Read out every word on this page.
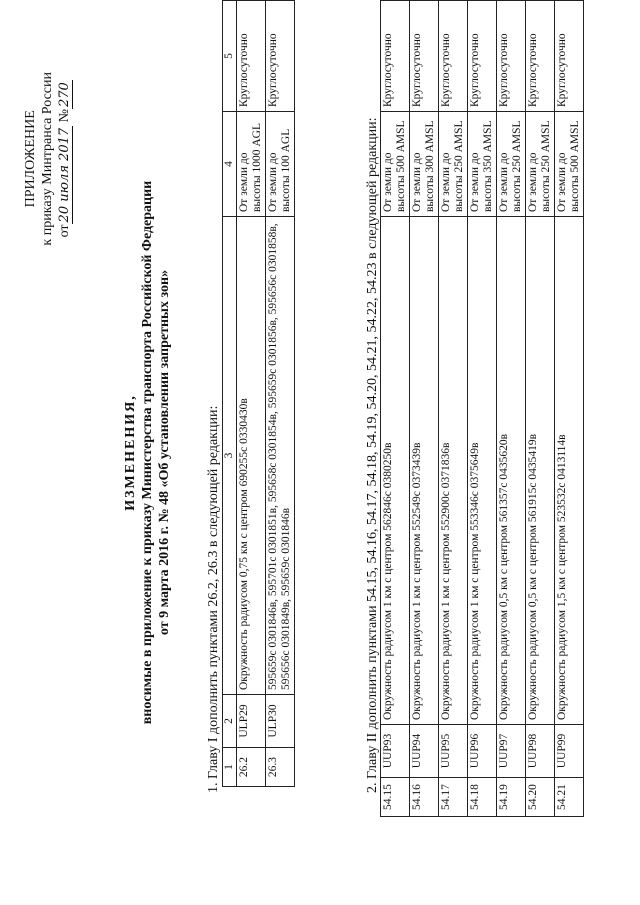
ПРИЛОЖЕНИЕ к приказу Минтранса России от20 июля 2017 №270
ИЗМЕНЕНИЯ, вносимые в приложение к приказу Министерства транспорта Российской Федерации от 9 марта 2016 г. № 48 «Об установлении запретных зон» 1. Главу I дополнить пунктами 26.2, 26.3 в следующей редакции: 1	2	3	4	5
26.2	ULP29	Окружность радиусом 0,75 км с центром 690255с 0330430в	От земли до высоты 1000 AGL	Круглосуточно
26.3	ULP30	595659с 0301846в, 595701с 0301851в, 595658с 0301854в, 595659с 0301856в, 595656с 0301858в, 595656с 0301849в, 595659с 0301846в	От земли до высоты 100 AGL	Круглосуточно
2. Главу II дополнить пунктами 54.15, 54.16, 54.17, 54.18, 54.19, 54.20, 54.21, 54.22, 54.23 в следующей редакции:
54.15	UUP93	Окружность радиусом 1 км с центром 562846с 0380250в	От земли до высоты 500 AMSL	Круглосуточно
54.16	UUP94	Окружность радиусом 1 км с центром 552549с 0373439в	От земли до высоты 300 AMSL	Круглосуточно
54.17	UUP95	Окружность радиусом 1 км с центром 552900с 0371836в	От земли до высоты 250 AMSL	Круглосуточно
54.18	UUP96	Окружность радиусом 1 км с центром 553346с 0375649в	От земли до высоты 350 AMSL	Круглосуточно
54.19	UUP97	Окружность радиусом 0,5 км с центром 561357с 0435620в	От земли до высоты 250 AMSL	Круглосуточно
54.20	UUP98	Окружность радиусом 0,5 км с центром 561915с 0435419в	От земли до высоты 250 AMSL	Круглосуточно
54.21	UUP99	Окружность радиусом 1,5 км с центром 523532с 0413114в	От земли до высоты 500 AMSL	Круглосуточно
